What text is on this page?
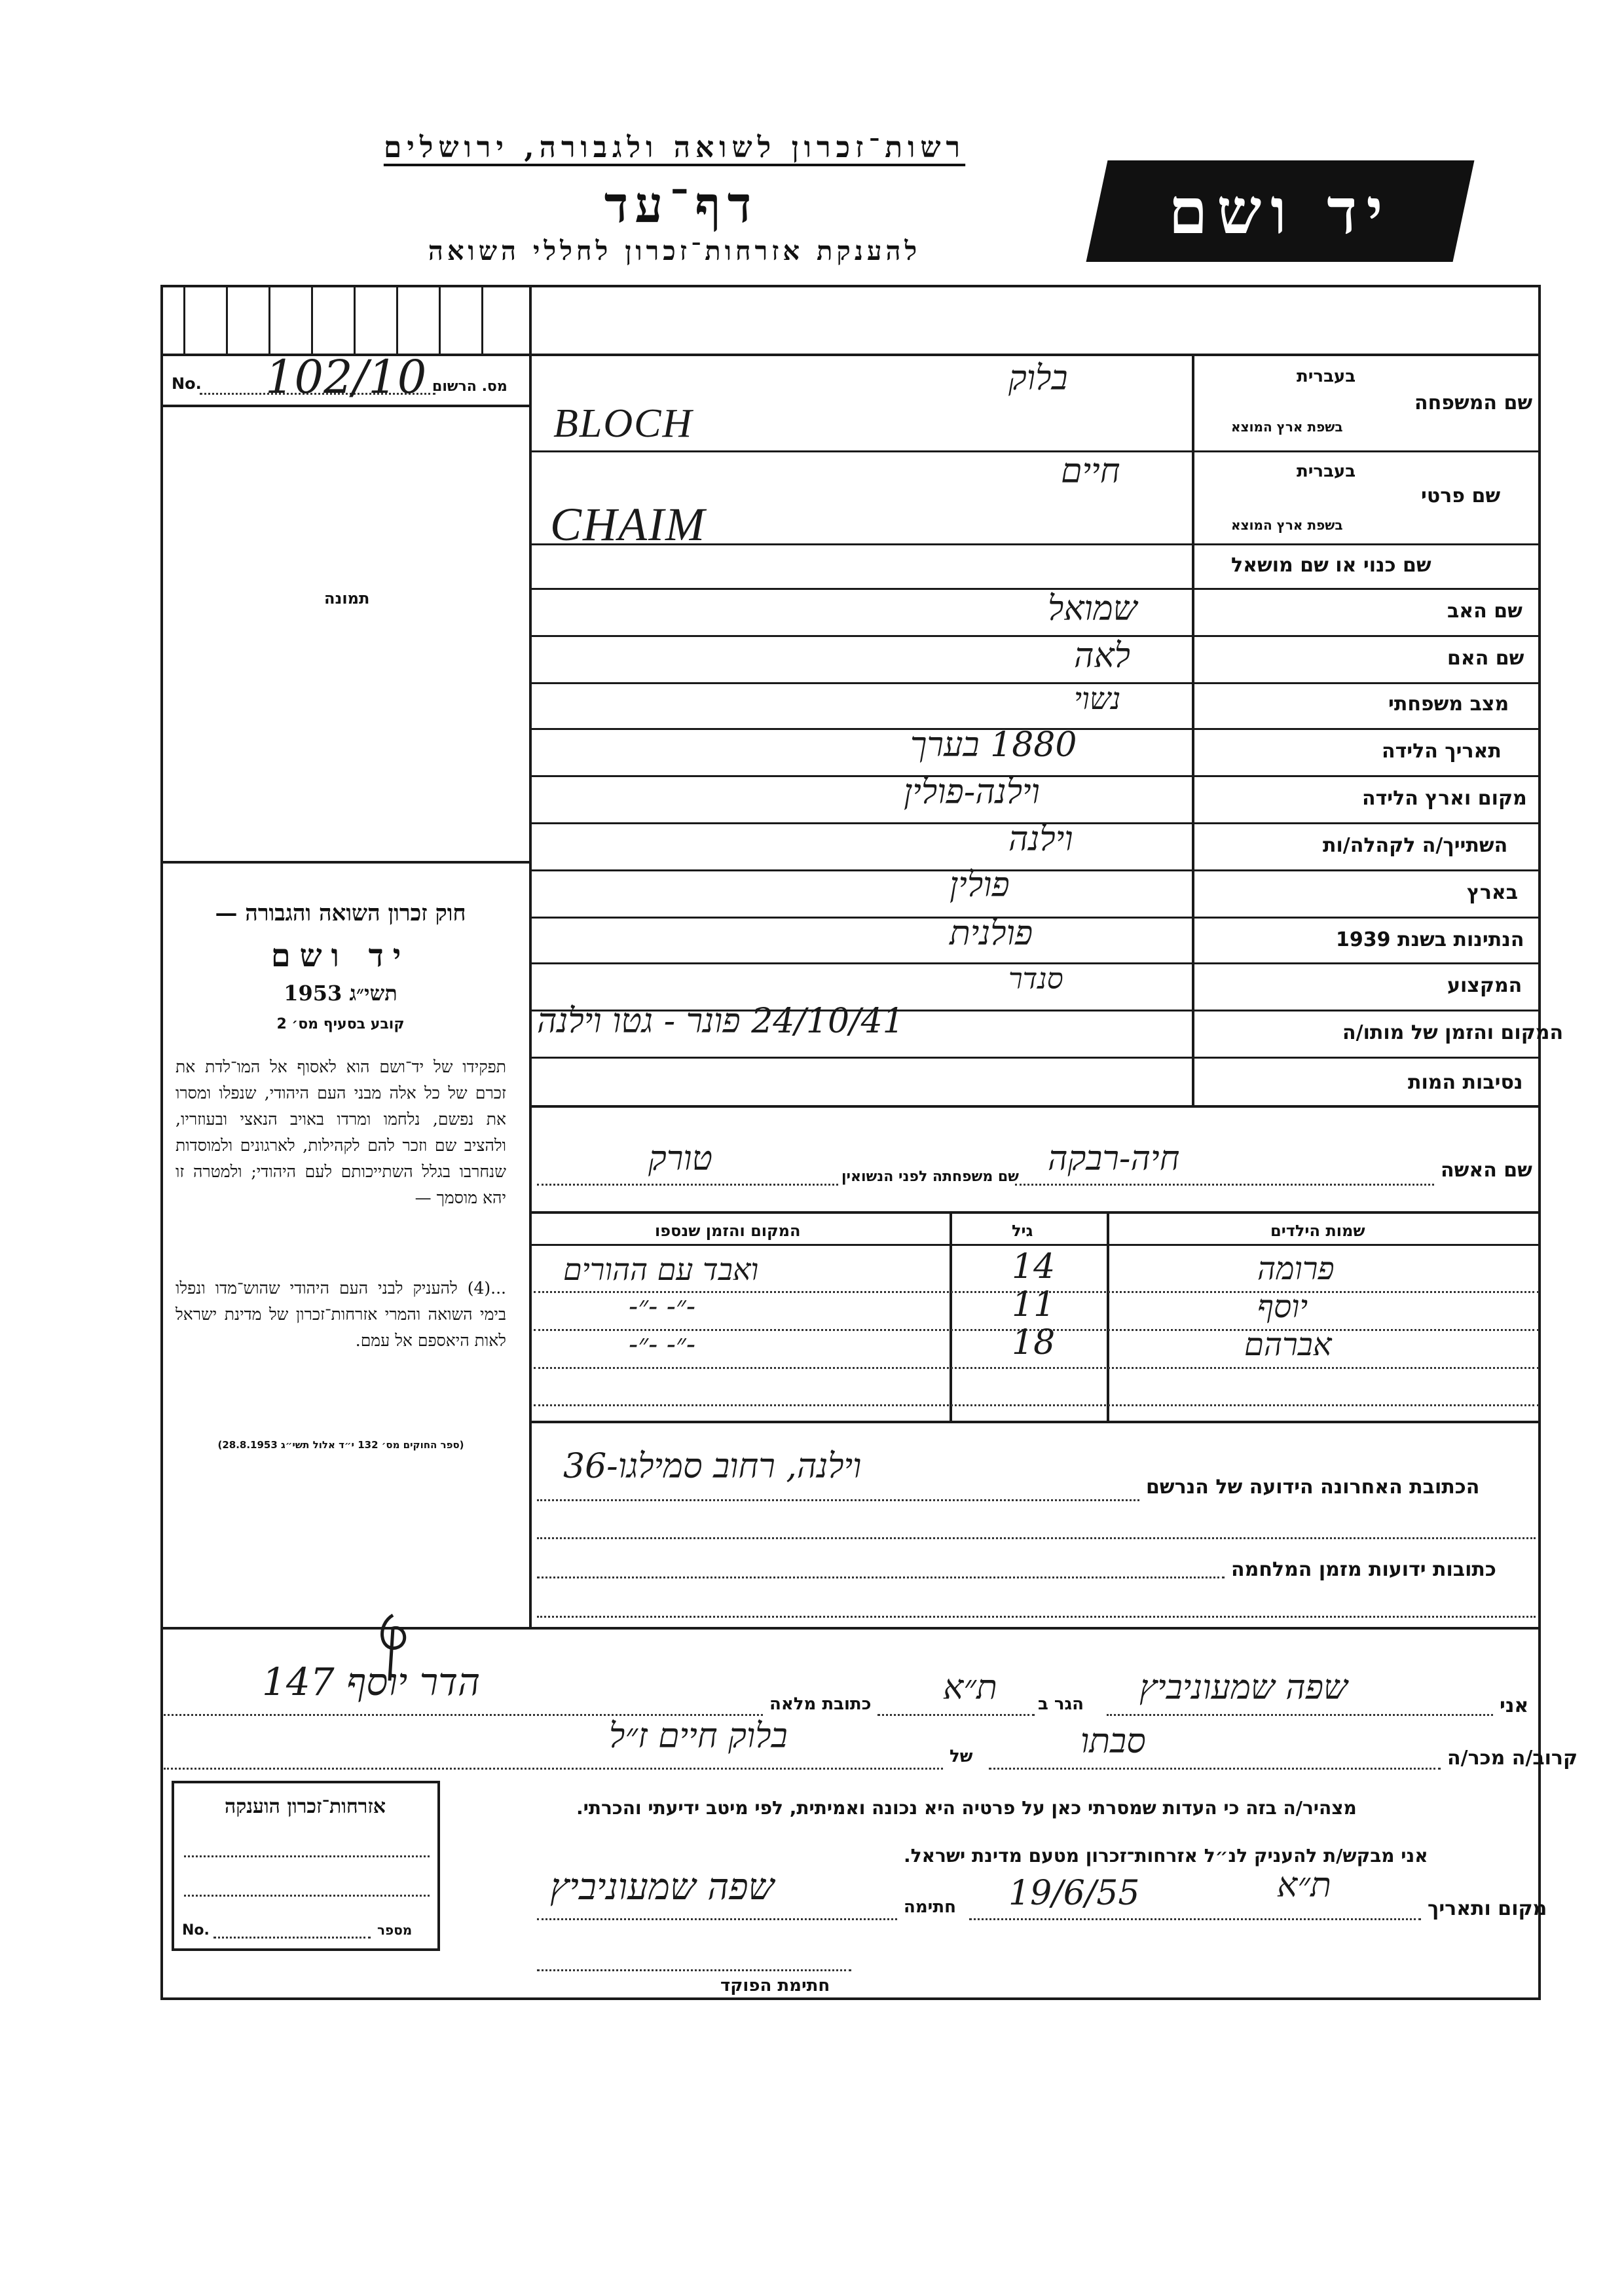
רשות־זכרון לשואה ולגבורה, ירושלים
דף־עד
להענקת אזרחות־זכרון לחללי השואה
יד ושם
No. 102/10 מס. הרשום
תמונה
חוק זכרון השואה והגבורה —
יד ושם
תשי״ג 1953
קובע בסעיף מס׳ 2
תפקידו של יד־ושם הוא לאסוף אל המו־לדת את זכרם של כל אלה מבני העם היהודי, שנפלו ומסרו את נפשם, נלחמו ומרדו באויב הנאצי ובעוזריו, ולהציב שם וזכר להם לקהילות, לארגונים ולמוסדות שנחרבו בגלל השתייכותם לעם היהודי; ולמטרה זו יהא מוסמך —
...(4) להעניק לבני העם היהודי שהוש־מדו ונפלו בימי השואה והמרי אזרחות־זכרון של מדינת ישראל לאות היאספם אל עמם.
(ספר החוקים מס׳ 132 י״ד אלול תשי״ג 28.8.1953)
בעברית
שם המשפחה
בשפת ארץ המוצא
בלוק
BLOCH
בעברית
שם פרטי
בשפת ארץ המוצא
חיים
CHAIM
שם כנוי או שם מושאל
שם האב
שמואל
שם האם
לאה
מצב משפחתי
נשוי
תאריך הלידה
1880 בערך
מקום וארץ הלידה
וילנה-פולין
השתייך/ה לקהלה/ות
וילנה
בארץ
פולין
הנתינות בשנת 1939
פולנית
המקצוע
סנדר
המקום והזמן של מותו/ה
24/10/41 פונר - גטו וילנה
נסיבות המות
שם האשה
חיה-רבקה
שם משפחתה לפני הנשואין
טורק
שמות הילדים
גיל
המקום והזמן שנספו
פרומה
14
ואבד עם ההורים
יוסף
11
-״- -״-
אברהם
18
-״- -״-
הכתובת האחרונה הידועה של הנרשם
וילנה, רחוב סמילגו-36
כתובות ידועות מזמן המלחמה
אני
שפה שמעוניביץ
הגר ב
ת״א
כתובת מלאה
הדר יוסף 147
קרוב/ה מכר/ה
סבתו
של
בלוק חיים ז״ל
מצהיר/ה בזה כי העדות שמסרתי כאן על פרטיה היא נכונה ואמיתית, לפי מיטב ידיעתי והכרתי.
אני מבקש/ת להעניק לנ״ל אזרחות־זכרון מטעם מדינת ישראל.
מקום ותאריך
ת״א
19/6/55
חתימה
שפה שמעוניביץ
חתימת הפוקד
אזרחות־זכרון הוענקה
No.	מספר
